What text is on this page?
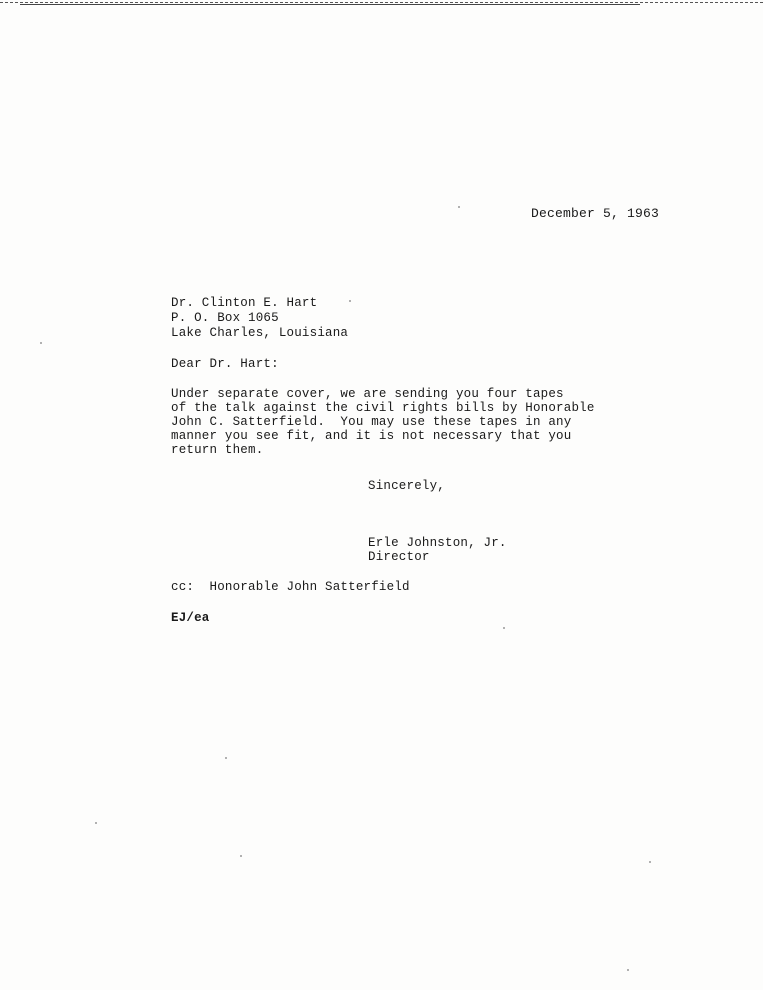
December 5, 1963
Dr. Clinton E. Hart
P. O. Box 1065
Lake Charles, Louisiana
Dear Dr. Hart:
Under separate cover, we are sending you four tapes
of the talk against the civil rights bills by Honorable
John C. Satterfield.  You may use these tapes in any
manner you see fit, and it is not necessary that you
return them.
Sincerely,
Erle Johnston, Jr.
Director
cc:  Honorable John Satterfield
EJ/ea
